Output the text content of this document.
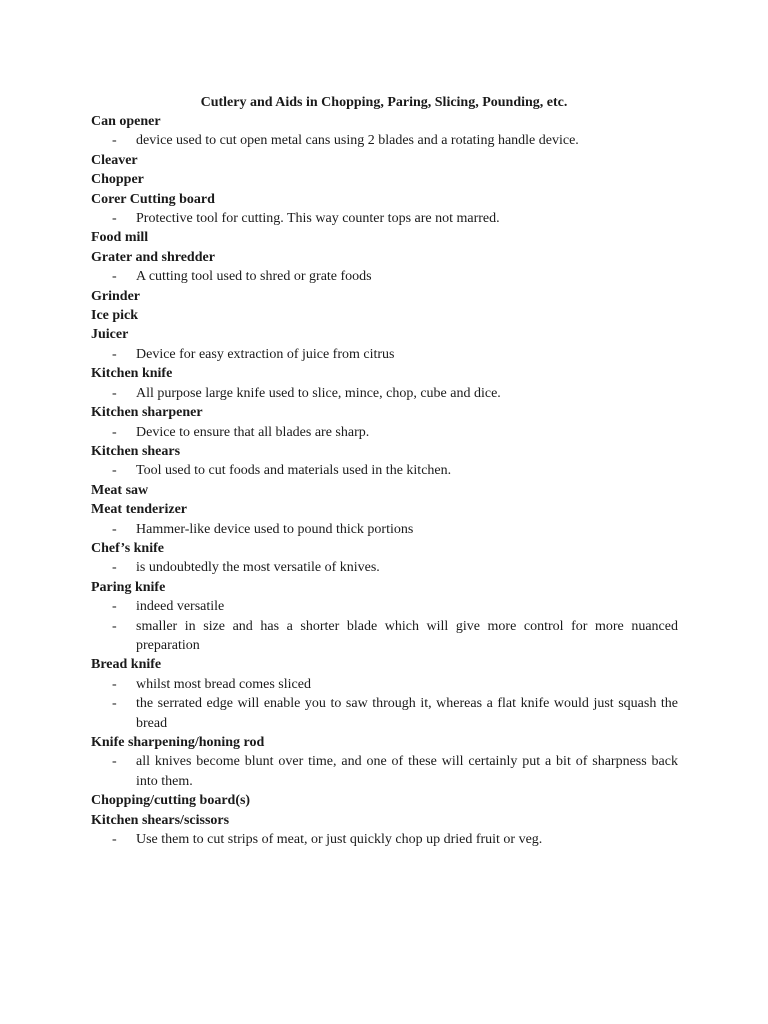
Cutlery and Aids in Chopping, Paring, Slicing, Pounding, etc.
Can opener
- device used to cut open metal cans using 2 blades and a rotating handle device.
Cleaver
Chopper
Corer Cutting board
- Protective tool for cutting. This way counter tops are not marred.
Food mill
Grater and shredder
- A cutting tool used to shred or grate foods
Grinder
Ice pick
Juicer
- Device for easy extraction of juice from citrus
Kitchen knife
- All purpose large knife used to slice, mince, chop, cube and dice.
Kitchen sharpener
- Device to ensure that all blades are sharp.
Kitchen shears
- Tool used to cut foods and materials used in the kitchen.
Meat saw
Meat tenderizer
- Hammer-like device used to pound thick portions
Chef’s knife
- is undoubtedly the most versatile of knives.
Paring knife
- indeed versatile
- smaller in size and has a shorter blade which will give more control for more nuanced preparation
Bread knife
- whilst most bread comes sliced
- the serrated edge will enable you to saw through it, whereas a flat knife would just squash the bread
Knife sharpening/honing rod
- all knives become blunt over time, and one of these will certainly put a bit of sharpness back into them.
Chopping/cutting board(s)
Kitchen shears/scissors
- Use them to cut strips of meat, or just quickly chop up dried fruit or veg.
